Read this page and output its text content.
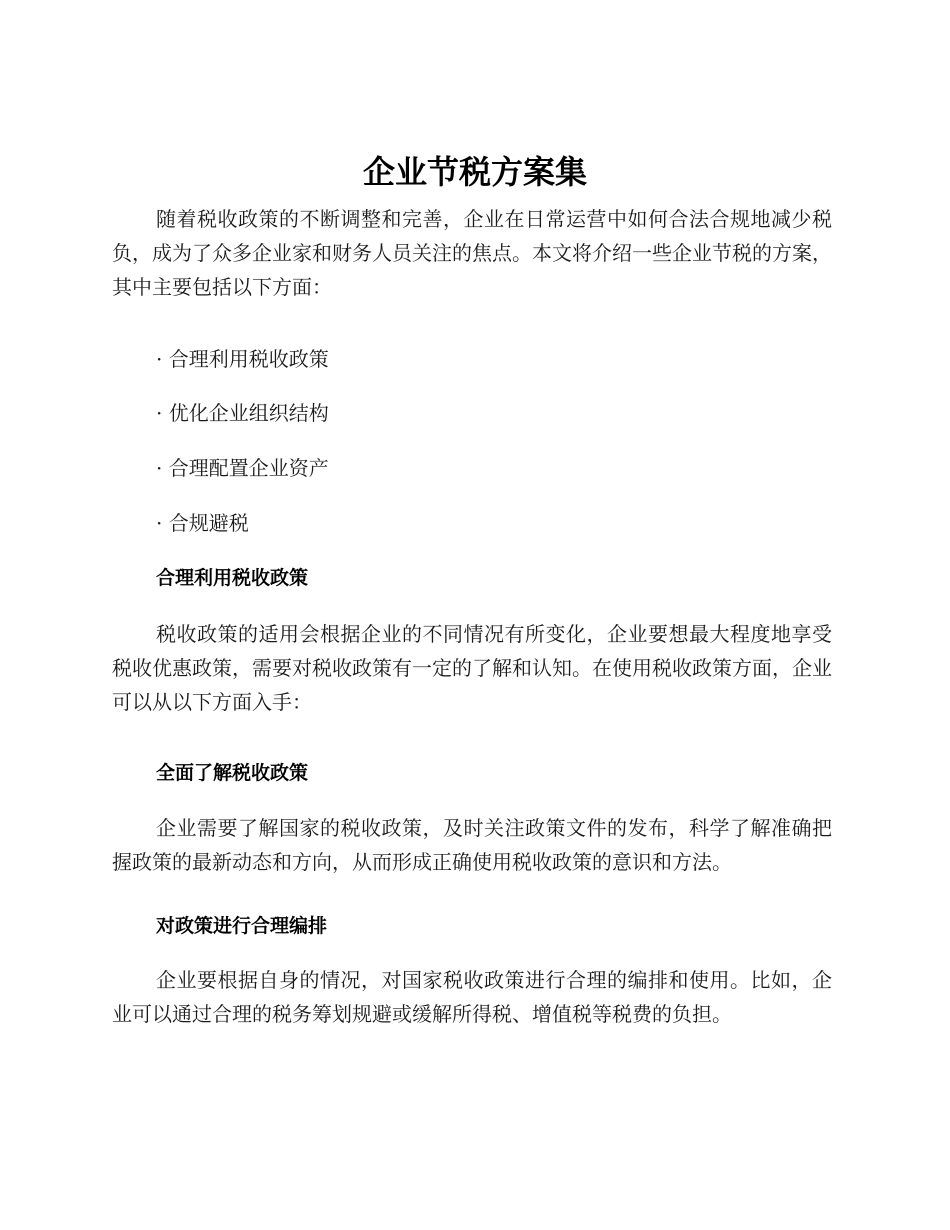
企业节税方案集

随着税收政策的不断调整和完善，企业在日常运营中如何合法合规地减少税负，成为了众多企业家和财务人员关注的焦点。本文将介绍一些企业节税的方案，其中主要包括以下方面：

· 合理利用税收政策

· 优化企业组织结构

· 合理配置企业资产

· 合规避税

合理利用税收政策

税收政策的适用会根据企业的不同情况有所变化，企业要想最大程度地享受税收优惠政策，需要对税收政策有一定的了解和认知。在使用税收政策方面，企业可以从以下方面入手：

全面了解税收政策

企业需要了解国家的税收政策，及时关注政策文件的发布，科学了解准确把握政策的最新动态和方向，从而形成正确使用税收政策的意识和方法。

对政策进行合理编排

企业要根据自身的情况，对国家税收政策进行合理的编排和使用。比如，企业可以通过合理的税务筹划规避或缓解所得税、增值税等税费的负担。
